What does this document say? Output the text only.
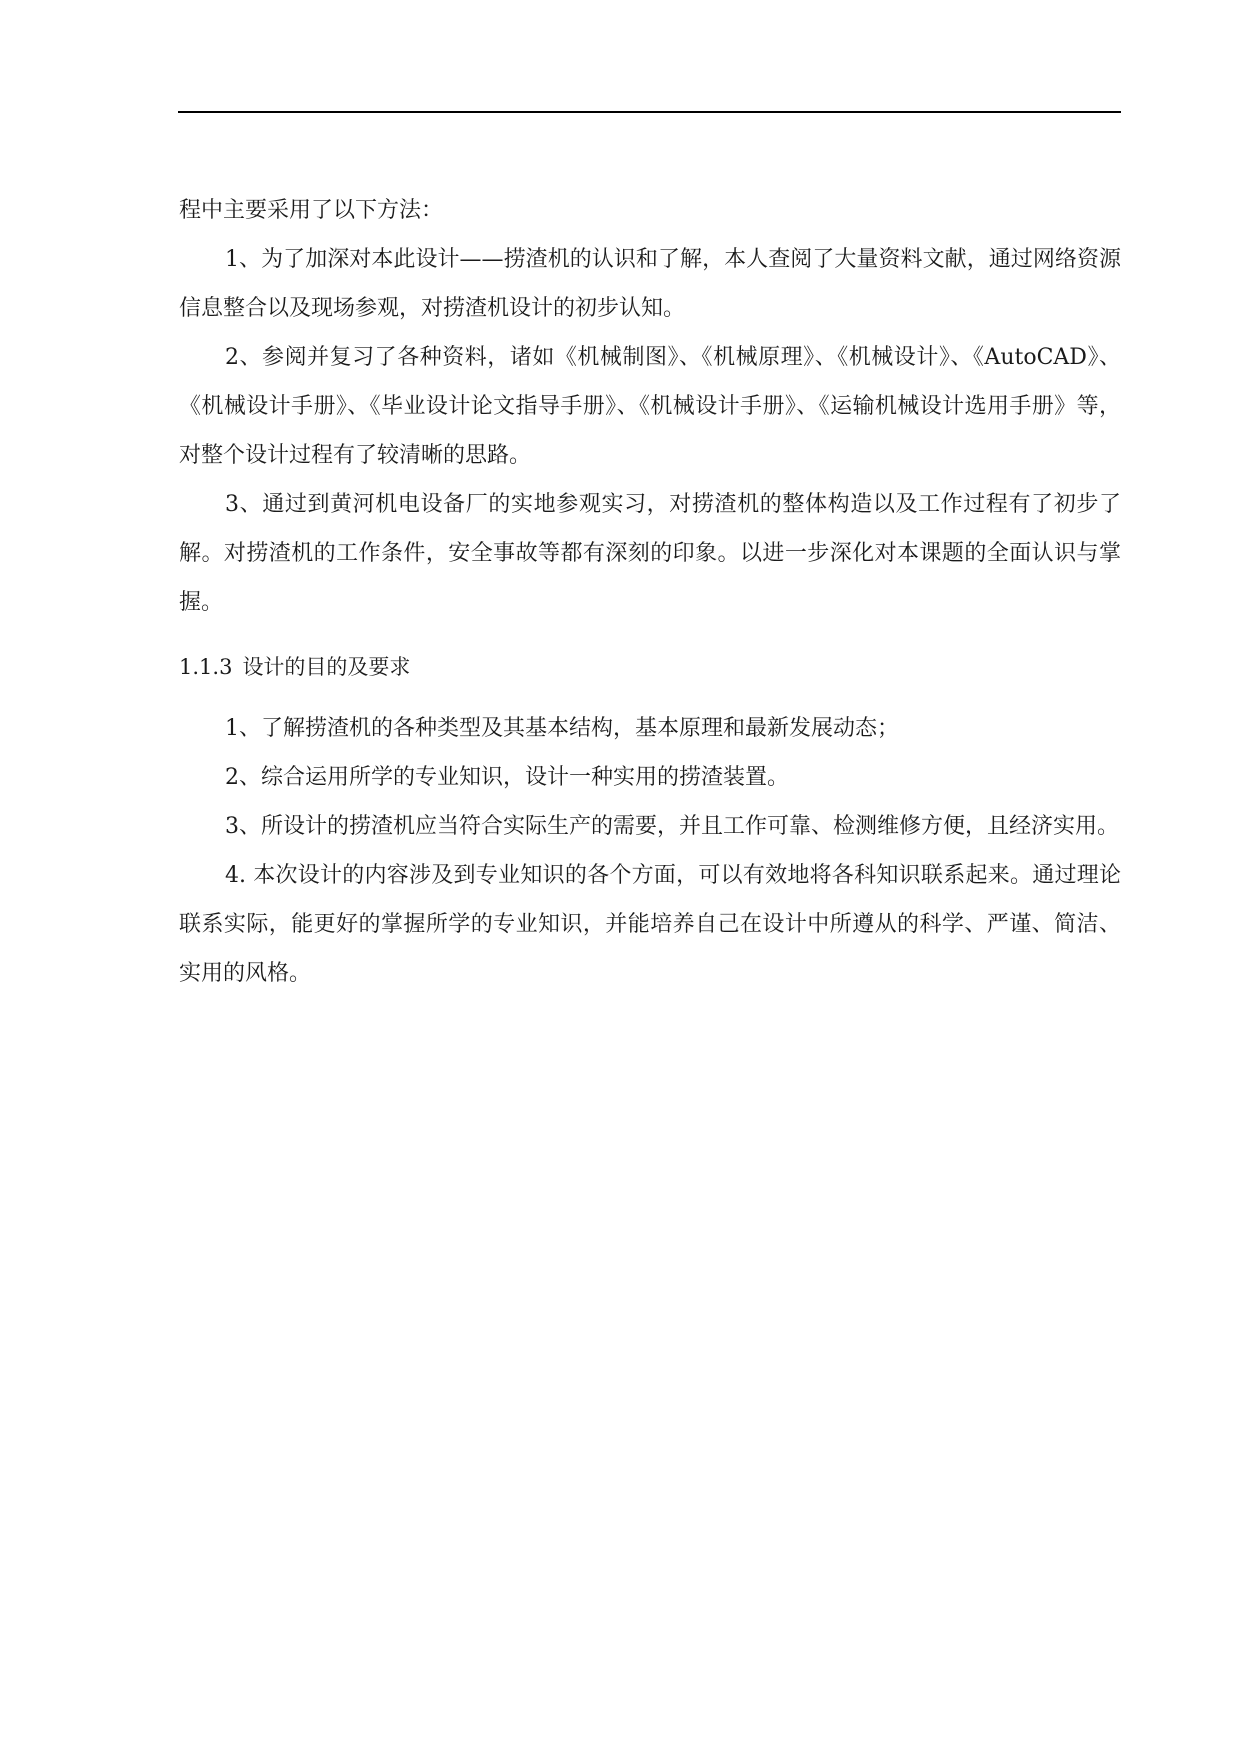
程中主要采用了以下方法：

1、为了加深对本此设计——捞渣机的认识和了解，本人查阅了大量资料文献，通过网络资源信息整合以及现场参观，对捞渣机设计的初步认知。

2、参阅并复习了各种资料，诸如《机械制图》、《机械原理》、《机械设计》、《AutoCAD》、《机械设计手册》、《毕业设计论文指导手册》、《机械设计手册》、《运输机械设计选用手册》等，对整个设计过程有了较清晰的思路。

3、通过到黄河机电设备厂的实地参观实习，对捞渣机的整体构造以及工作过程有了初步了解。对捞渣机的工作条件，安全事故等都有深刻的印象。以进一步深化对本课题的全面认识与掌握。

1.1.3 设计的目的及要求

1、了解捞渣机的各种类型及其基本结构，基本原理和最新发展动态；

2、综合运用所学的专业知识，设计一种实用的捞渣装置。

3、所设计的捞渣机应当符合实际生产的需要，并且工作可靠、检测维修方便，且经济实用。

4. 本次设计的内容涉及到专业知识的各个方面，可以有效地将各科知识联系起来。通过理论联系实际，能更好的掌握所学的专业知识，并能培养自己在设计中所遵从的科学、严谨、简洁、实用的风格。
